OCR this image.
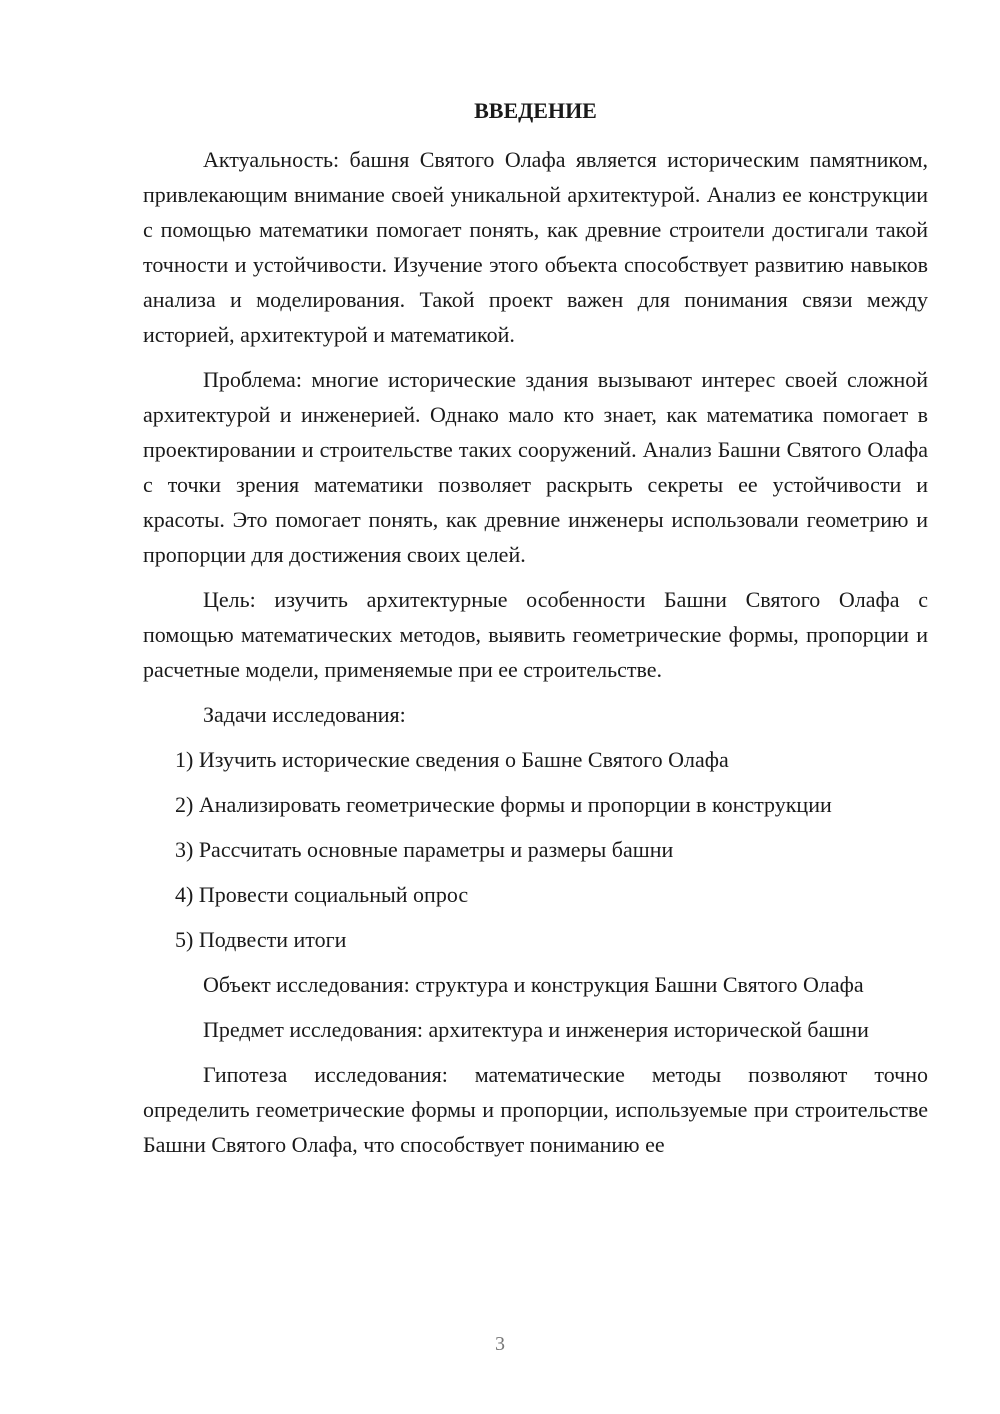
ВВЕДЕНИЕ

Актуальность: башня Святого Олафа является историческим памятником, привлекающим внимание своей уникальной архитектурой. Анализ ее конструкции с помощью математики помогает понять, как древние строители достигали такой точности и устойчивости. Изучение этого объекта способствует развитию навыков анализа и моделирования. Такой проект важен для понимания связи между историей, архитектурой и математикой.

Проблема: многие исторические здания вызывают интерес своей сложной архитектурой и инженерией. Однако мало кто знает, как математика помогает в проектировании и строительстве таких сооружений. Анализ Башни Святого Олафа с точки зрения математики позволяет раскрыть секреты ее устойчивости и красоты. Это помогает понять, как древние инженеры использовали геометрию и пропорции для достижения своих целей.

Цель: изучить архитектурные особенности Башни Святого Олафа с помощью математических методов, выявить геометрические формы, пропорции и расчетные модели, применяемые при ее строительстве.

Задачи исследования:

1) Изучить исторические сведения о Башне Святого Олафа
2) Анализировать геометрические формы и пропорции в конструкции
3) Рассчитать основные параметры и размеры башни
4) Провести социальный опрос
5) Подвести итоги

Объект исследования: структура и конструкция Башни Святого Олафа

Предмет исследования: архитектура и инженерия исторической башни

Гипотеза исследования: математические методы позволяют точно определить геометрические формы и пропорции, используемые при строительстве Башни Святого Олафа, что способствует пониманию ее

3
